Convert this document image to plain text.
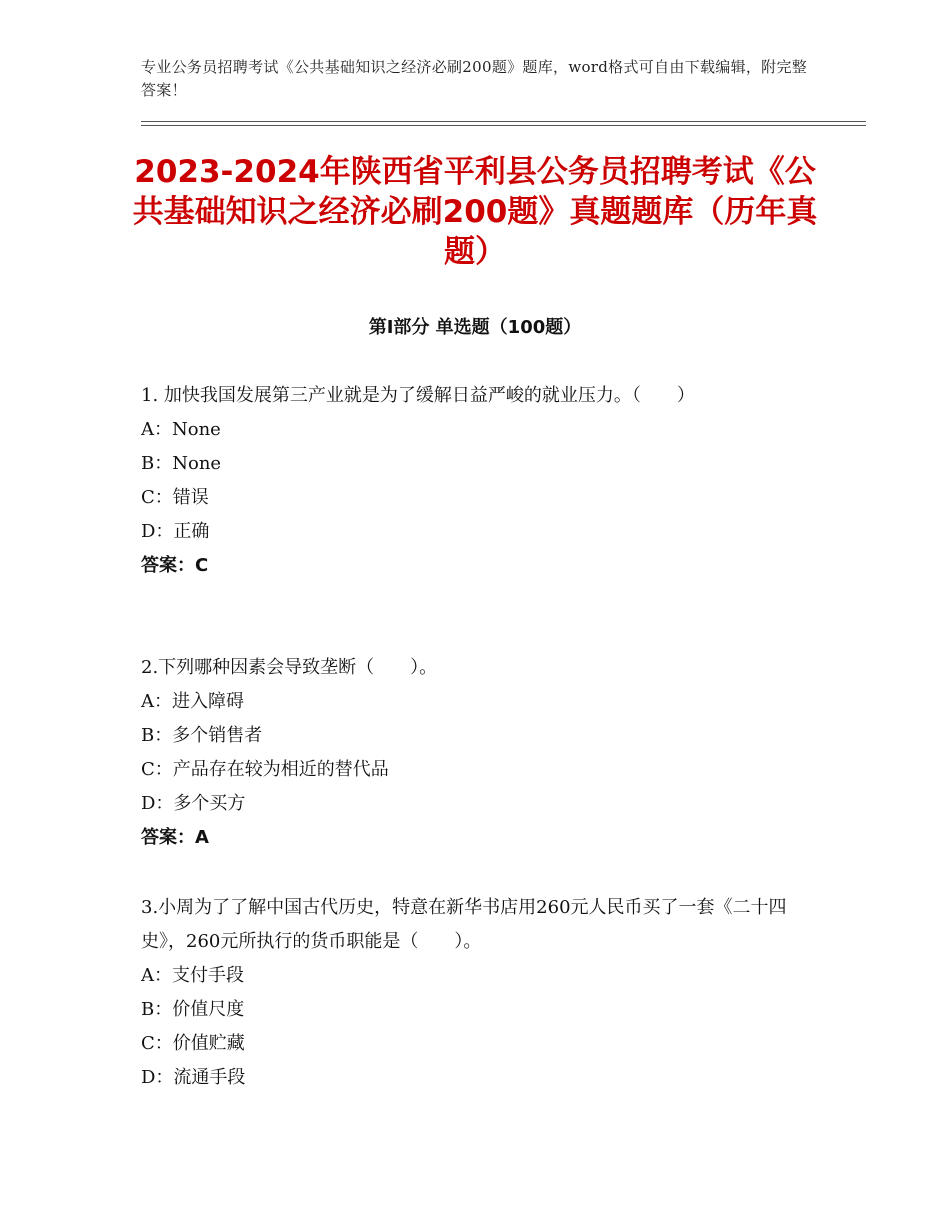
专业公务员招聘考试《公共基础知识之经济必刷200题》题库，word格式可自由下载编辑，附完整答案！
2023-2024年陕西省平利县公务员招聘考试《公共基础知识之经济必刷200题》真题题库（历年真题）
第I部分 单选题（100题）

1. 加快我国发展第三产业就是为了缓解日益严峻的就业压力。（　　）

A：None

B：None

C：错误

D：正确

答案：C

2.下列哪种因素会导致垄断（　　）。

A：进入障碍

B：多个销售者

C：产品存在较为相近的替代品

D：多个买方

答案：A

3.小周为了了解中国古代历史，特意在新华书店用260元人民币买了一套《二十四史》，260元所执行的货币职能是（　　）。

A：支付手段

B：价值尺度

C：价值贮藏

D：流通手段
